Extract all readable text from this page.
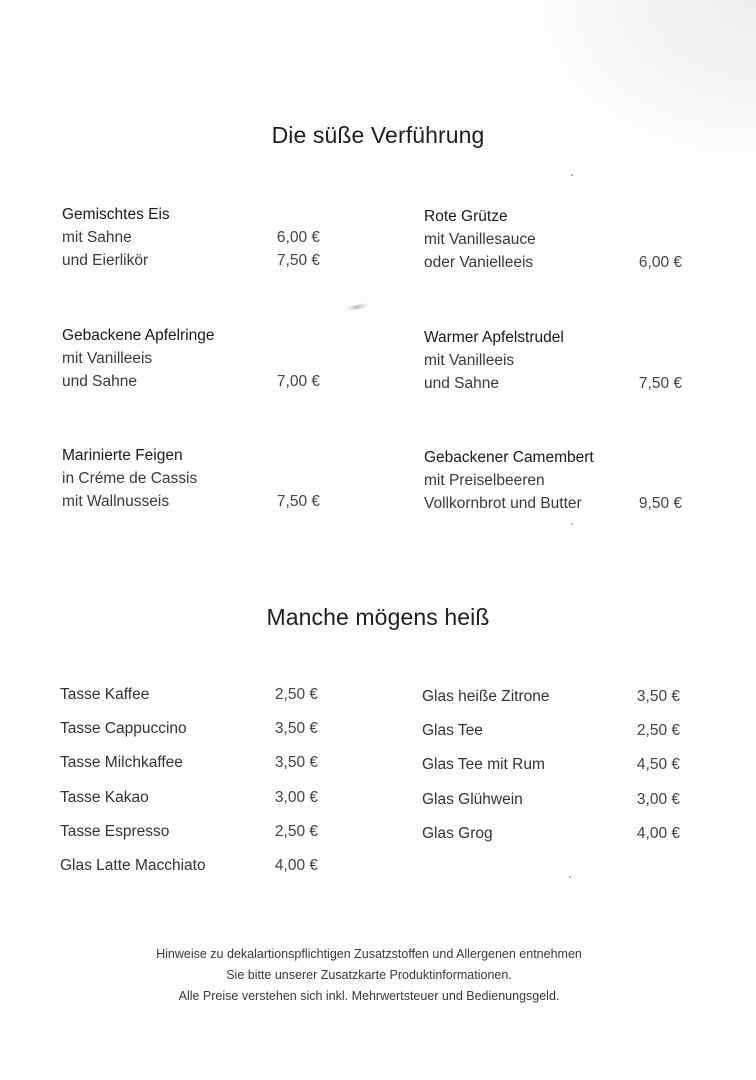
Die süße Verführung
Gemischtes Eis
mit Sahne	6,00 €
und Eierlikör	7,50 €
Rote Grütze
mit Vanillesauce
oder Vanielleeis	6,00 €
Gebackene Apfelringe
mit Vanilleeis
und Sahne	7,00 €
Warmer Apfelstrudel
mit Vanilleeis
und Sahne	7,50 €
Marinierte Feigen
in Créme de Cassis
mit Wallnusseis	7,50 €
Gebackener Camembert
mit Preiselbeeren
Vollkornbrot und Butter	9,50 €
Manche mögens heiß
Tasse Kaffee	2,50 €
Tasse Cappuccino	3,50 €
Tasse Milchkaffee	3,50 €
Tasse Kakao	3,00 €
Tasse Espresso	2,50 €
Glas Latte Macchiato	4,00 €
Glas heiße Zitrone	3,50 €
Glas Tee	2,50 €
Glas Tee mit Rum	4,50 €
Glas Glühwein	3,00 €
Glas Grog	4,00 €
Hinweise zu dekalartionspflichtigen Zusatzstoffen und Allergenen entnehmen
Sie bitte unserer Zusatzkarte Produktinformationen.
Alle Preise verstehen sich inkl. Mehrwertsteuer und Bedienungsgeld.
